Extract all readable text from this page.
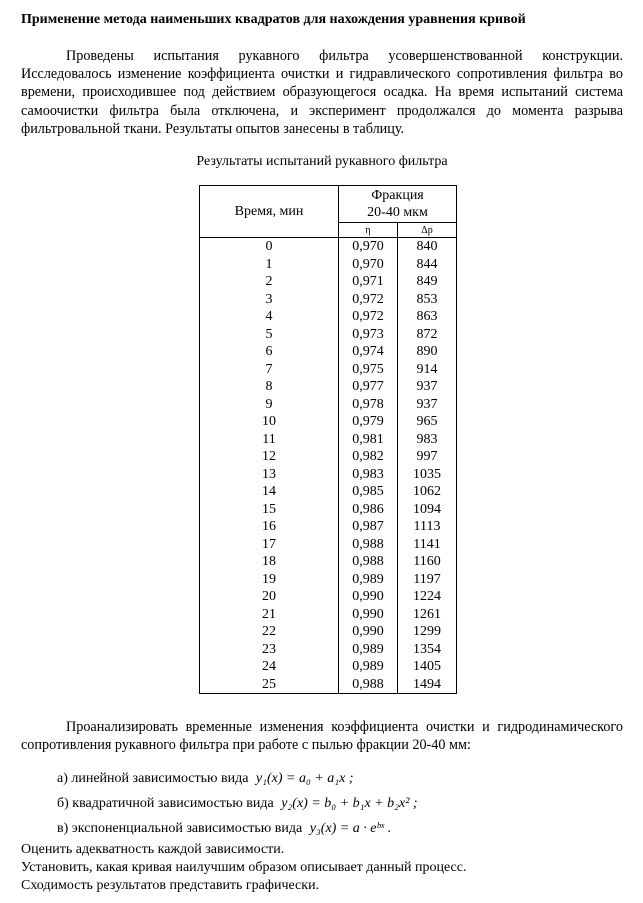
Применение метода наименьших квадратов для нахождения уравнения кривой

Проведены испытания рукавного фильтра усовершенствованной конструкции. Исследовалось изменение коэффициента очистки и гидравлического сопротивления фильтра во времени, происходившее под действием образующегося осадка. На время испытаний система самоочистки фильтра была отключена, и эксперимент продолжался до момента разрыва фильтровальной ткани. Результаты опытов занесены в таблицу.

Результаты испытаний рукавного фильтра
Время, мин	Фракция
20-40 мкм	
	η	Δp
0	0,970	840
1	0,970	844
2	0,971	849
3	0,972	853
4	0,972	863
5	0,973	872
6	0,974	890
7	0,975	914
8	0,977	937
9	0,978	937
10	0,979	965
11	0,981	983
12	0,982	997
13	0,983	1035
14	0,985	1062
15	0,986	1094
16	0,987	1113
17	0,988	1141
18	0,988	1160
19	0,989	1197
20	0,990	1224
21	0,990	1261
22	0,990	1299
23	0,989	1354
24	0,989	1405
25	0,988	1494

Проанализировать временные изменения коэффициента очистки и гидродинамического сопротивления рукавного фильтра при работе с пылью фракции 20-40 мм:

а) линейной зависимостью вида y₁(x) = a₀ + a₁x ;
б) квадратичной зависимостью вида y₂(x) = b₀ + b₁x + b₂x² ;
в) экспоненциальной зависимостью вида y₃(x) = a · eᵇˣ .
Оценить адекватность каждой зависимости.
Установить, какая кривая наилучшим образом описывает данный процесс.
Сходимость результатов представить графически.
